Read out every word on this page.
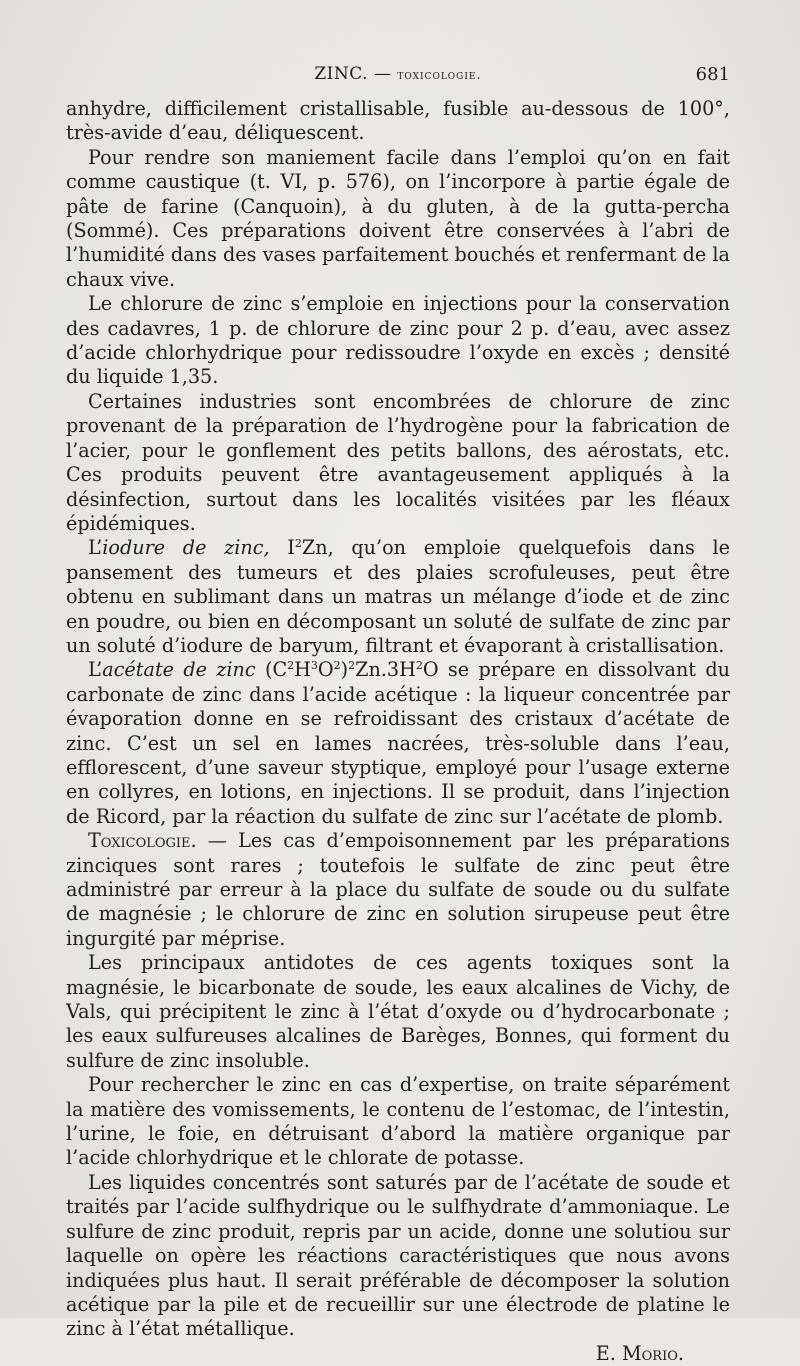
ZINC. — toxicologie.	681

anhydre, difficilement cristallisable, fusible au-dessous de 100°, très-avide d’eau, déliquescent.

Pour rendre son maniement facile dans l’emploi qu’on en fait comme caustique (t. VI, p. 576), on l’incorpore à partie égale de pâte de farine (Canquoin), à du gluten, à de la gutta-percha (Sommé). Ces préparations doivent être conservées à l’abri de l’humidité dans des vases parfaitement bouchés et renfermant de la chaux vive.

Le chlorure de zinc s’emploie en injections pour la conservation des cadavres, 1 p. de chlorure de zinc pour 2 p. d’eau, avec assez d’acide chlorhydrique pour redissoudre l’oxyde en excès ; densité du liquide 1,35.

Certaines industries sont encombrées de chlorure de zinc provenant de la préparation de l’hydrogène pour la fabrication de l’acier, pour le gonflement des petits ballons, des aérostats, etc. Ces produits peuvent être avantageusement appliqués à la désinfection, surtout dans les localités visitées par les fléaux épidémiques.

L’iodure de zinc, $I^2Zn$, qu’on emploie quelquefois dans le pansement des tumeurs et des plaies scrofuleuses, peut être obtenu en sublimant dans un matras un mélange d’iode et de zinc en poudre, ou bien en décomposant un soluté de sulfate de zinc par un soluté d’iodure de baryum, filtrant et évaporant à cristallisation.

L’acétate de zinc $(C^2H^3O^2)^2Zn.3H^2O$ se prépare en dissolvant du carbonate de zinc dans l’acide acétique : la liqueur concentrée par évaporation donne en se refroidissant des cristaux d’acétate de zinc. C’est un sel en lames nacrées, très-soluble dans l’eau, efflorescent, d’une saveur styptique, employé pour l’usage externe en collyres, en lotions, en injections. Il se produit, dans l’injection de Ricord, par la réaction du sulfate de zinc sur l’acétate de plomb.

Toxicologie. — Les cas d’empoisonnement par les préparations zinciques sont rares ; toutefois le sulfate de zinc peut être administré par erreur à la place du sulfate de soude ou du sulfate de magnésie ; le chlorure de zinc en solution sirupeuse peut être ingurgité par méprise.

Les principaux antidotes de ces agents toxiques sont la magnésie, le bicarbonate de soude, les eaux alcalines de Vichy, de Vals, qui précipitent le zinc à l’état d’oxyde ou d’hydrocarbonate ; les eaux sulfureuses alcalines de Barèges, Bonnes, qui forment du sulfure de zinc insoluble.

Pour rechercher le zinc en cas d’expertise, on traite séparément la matière des vomissements, le contenu de l’estomac, de l’intestin, l’urine, le foie, en détruisant d’abord la matière organique par l’acide chlorhydrique et le chlorate de potasse.

Les liquides concentrés sont saturés par de l’acétate de soude et traités par l’acide sulfhydrique ou le sulfhydrate d’ammoniaque. Le sulfure de zinc produit, repris par un acide, donne une solutiou sur laquelle on opère les réactions caractéristiques que nous avons indiquées plus haut. Il serait préférable de décomposer la solution acétique par la pile et de recueillir sur une électrode de platine le zinc à l’état métallique.

E. Morio.
